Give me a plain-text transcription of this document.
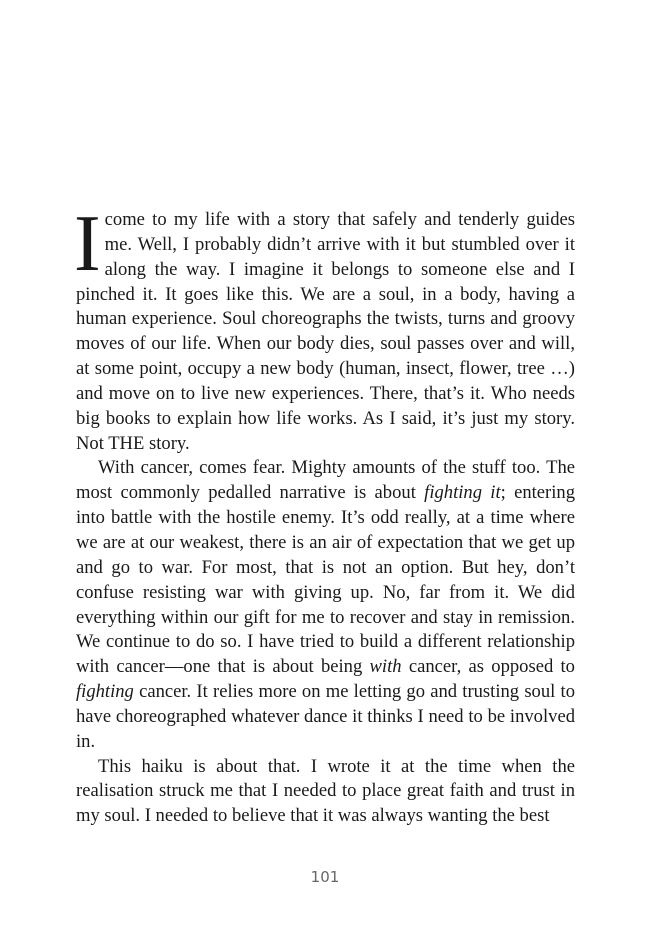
Icome to my life with a story that safely and tenderly guides me. Well, I probably didn’t arrive with it but stumbled over it along the way. I imagine it belongs to someone else and I pinched it. It goes like this. We are a soul, in a body, having a human experience. Soul choreographs the twists, turns and groovy moves of our life. When our body dies, soul passes over and will, at some point, occupy a new body (human, insect, flower, tree …) and move on to live new experiences. There, that’s it. Who needs big books to explain how life works. As I said, it’s just my story. Not THE story.

With cancer, comes fear. Mighty amounts of the stuff too. The most commonly pedalled narrative is about fighting it; entering into battle with the hostile enemy. It’s odd really, at a time where we are at our weakest, there is an air of expectation that we get up and go to war. For most, that is not an option. But hey, don’t confuse resisting war with giving up. No, far from it. We did everything within our gift for me to recover and stay in remission. We continue to do so. I have tried to build a different relationship with cancer—one that is about being with cancer, as opposed to fighting cancer. It relies more on me letting go and trusting soul to have choreographed whatever dance it thinks I need to be involved in.

This haiku is about that. I wrote it at the time when the realisation struck me that I needed to place great faith and trust in my soul. I needed to believe that it was always wanting the best

101
